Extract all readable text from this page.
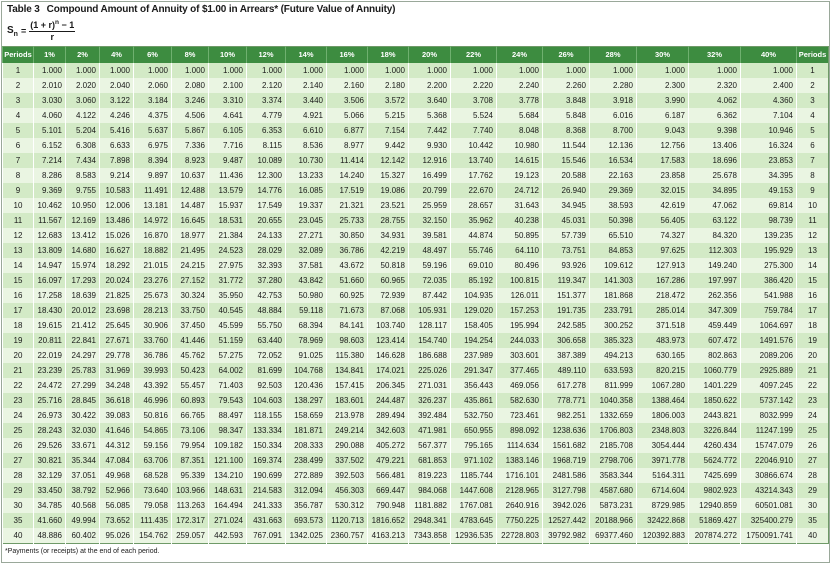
Table 3 Compound Amount of Annuity of $1.00 in Arrears* (Future Value of Annuity)
$S_n = \frac{(1 + r)^n - 1}{r}$
Periods	1%	2%	4%	6%	8%	10%	12%	14%	16%	18%	20%	22%	24%	26%	28%	30%	32%	40%	Periods
1	1.000	1.000	1.000	1.000	1.000	1.000	1.000	1.000	1.000	1.000	1.000	1.000	1.000	1.000	1.000	1.000	1.000	1.000	1
2	2.010	2.020	2.040	2.060	2.080	2.100	2.120	2.140	2.160	2.180	2.200	2.220	2.240	2.260	2.280	2.300	2.320	2.400	2
3	3.030	3.060	3.122	3.184	3.246	3.310	3.374	3.440	3.506	3.572	3.640	3.708	3.778	3.848	3.918	3.990	4.062	4.360	3
4	4.060	4.122	4.246	4.375	4.506	4.641	4.779	4.921	5.066	5.215	5.368	5.524	5.684	5.848	6.016	6.187	6.362	7.104	4
5	5.101	5.204	5.416	5.637	5.867	6.105	6.353	6.610	6.877	7.154	7.442	7.740	8.048	8.368	8.700	9.043	9.398	10.946	5
6	6.152	6.308	6.633	6.975	7.336	7.716	8.115	8.536	8.977	9.442	9.930	10.442	10.980	11.544	12.136	12.756	13.406	16.324	6
7	7.214	7.434	7.898	8.394	8.923	9.487	10.089	10.730	11.414	12.142	12.916	13.740	14.615	15.546	16.534	17.583	18.696	23.853	7
8	8.286	8.583	9.214	9.897	10.637	11.436	12.300	13.233	14.240	15.327	16.499	17.762	19.123	20.588	22.163	23.858	25.678	34.395	8
9	9.369	9.755	10.583	11.491	12.488	13.579	14.776	16.085	17.519	19.086	20.799	22.670	24.712	26.940	29.369	32.015	34.895	49.153	9
10	10.462	10.950	12.006	13.181	14.487	15.937	17.549	19.337	21.321	23.521	25.959	28.657	31.643	34.945	38.593	42.619	47.062	69.814	10
11	11.567	12.169	13.486	14.972	16.645	18.531	20.655	23.045	25.733	28.755	32.150	35.962	40.238	45.031	50.398	56.405	63.122	98.739	11
12	12.683	13.412	15.026	16.870	18.977	21.384	24.133	27.271	30.850	34.931	39.581	44.874	50.895	57.739	65.510	74.327	84.320	139.235	12
13	13.809	14.680	16.627	18.882	21.495	24.523	28.029	32.089	36.786	42.219	48.497	55.746	64.110	73.751	84.853	97.625	112.303	195.929	13
14	14.947	15.974	18.292	21.015	24.215	27.975	32.393	37.581	43.672	50.818	59.196	69.010	80.496	93.926	109.612	127.913	149.240	275.300	14
15	16.097	17.293	20.024	23.276	27.152	31.772	37.280	43.842	51.660	60.965	72.035	85.192	100.815	119.347	141.303	167.286	197.997	386.420	15
16	17.258	18.639	21.825	25.673	30.324	35.950	42.753	50.980	60.925	72.939	87.442	104.935	126.011	151.377	181.868	218.472	262.356	541.988	16
17	18.430	20.012	23.698	28.213	33.750	40.545	48.884	59.118	71.673	87.068	105.931	129.020	157.253	191.735	233.791	285.014	347.309	759.784	17
18	19.615	21.412	25.645	30.906	37.450	45.599	55.750	68.394	84.141	103.740	128.117	158.405	195.994	242.585	300.252	371.518	459.449	1064.697	18
19	20.811	22.841	27.671	33.760	41.446	51.159	63.440	78.969	98.603	123.414	154.740	194.254	244.033	306.658	385.323	483.973	607.472	1491.576	19
20	22.019	24.297	29.778	36.786	45.762	57.275	72.052	91.025	115.380	146.628	186.688	237.989	303.601	387.389	494.213	630.165	802.863	2089.206	20
21	23.239	25.783	31.969	39.993	50.423	64.002	81.699	104.768	134.841	174.021	225.026	291.347	377.465	489.110	633.593	820.215	1060.779	2925.889	21
22	24.472	27.299	34.248	43.392	55.457	71.403	92.503	120.436	157.415	206.345	271.031	356.443	469.056	617.278	811.999	1067.280	1401.229	4097.245	22
23	25.716	28.845	36.618	46.996	60.893	79.543	104.603	138.297	183.601	244.487	326.237	435.861	582.630	778.771	1040.358	1388.464	1850.622	5737.142	23
24	26.973	30.422	39.083	50.816	66.765	88.497	118.155	158.659	213.978	289.494	392.484	532.750	723.461	982.251	1332.659	1806.003	2443.821	8032.999	24
25	28.243	32.030	41.646	54.865	73.106	98.347	133.334	181.871	249.214	342.603	471.981	650.955	898.092	1238.636	1706.803	2348.803	3226.844	11247.199	25
26	29.526	33.671	44.312	59.156	79.954	109.182	150.334	208.333	290.088	405.272	567.377	795.165	1114.634	1561.682	2185.708	3054.444	4260.434	15747.079	26
27	30.821	35.344	47.084	63.706	87.351	121.100	169.374	238.499	337.502	479.221	681.853	971.102	1383.146	1968.719	2798.706	3971.778	5624.772	22046.910	27
28	32.129	37.051	49.968	68.528	95.339	134.210	190.699	272.889	392.503	566.481	819.223	1185.744	1716.101	2481.586	3583.344	5164.311	7425.699	30866.674	28
29	33.450	38.792	52.966	73.640	103.966	148.631	214.583	312.094	456.303	669.447	984.068	1447.608	2128.965	3127.798	4587.680	6714.604	9802.923	43214.343	29
30	34.785	40.568	56.085	79.058	113.263	164.494	241.333	356.787	530.312	790.948	1181.882	1767.081	2640.916	3942.026	5873.231	8729.985	12940.859	60501.081	30
35	41.660	49.994	73.652	111.435	172.317	271.024	431.663	693.573	1120.713	1816.652	2948.341	4783.645	7750.225	12527.442	20188.966	32422.868	51869.427	325400.279	35
40	48.886	60.402	95.026	154.762	259.057	442.593	767.091	1342.025	2360.757	4163.213	7343.858	12936.535	22728.803	39792.982	69377.460	120392.883	207874.272	1750091.741	40
*Payments (or receipts) at the end of each period.
